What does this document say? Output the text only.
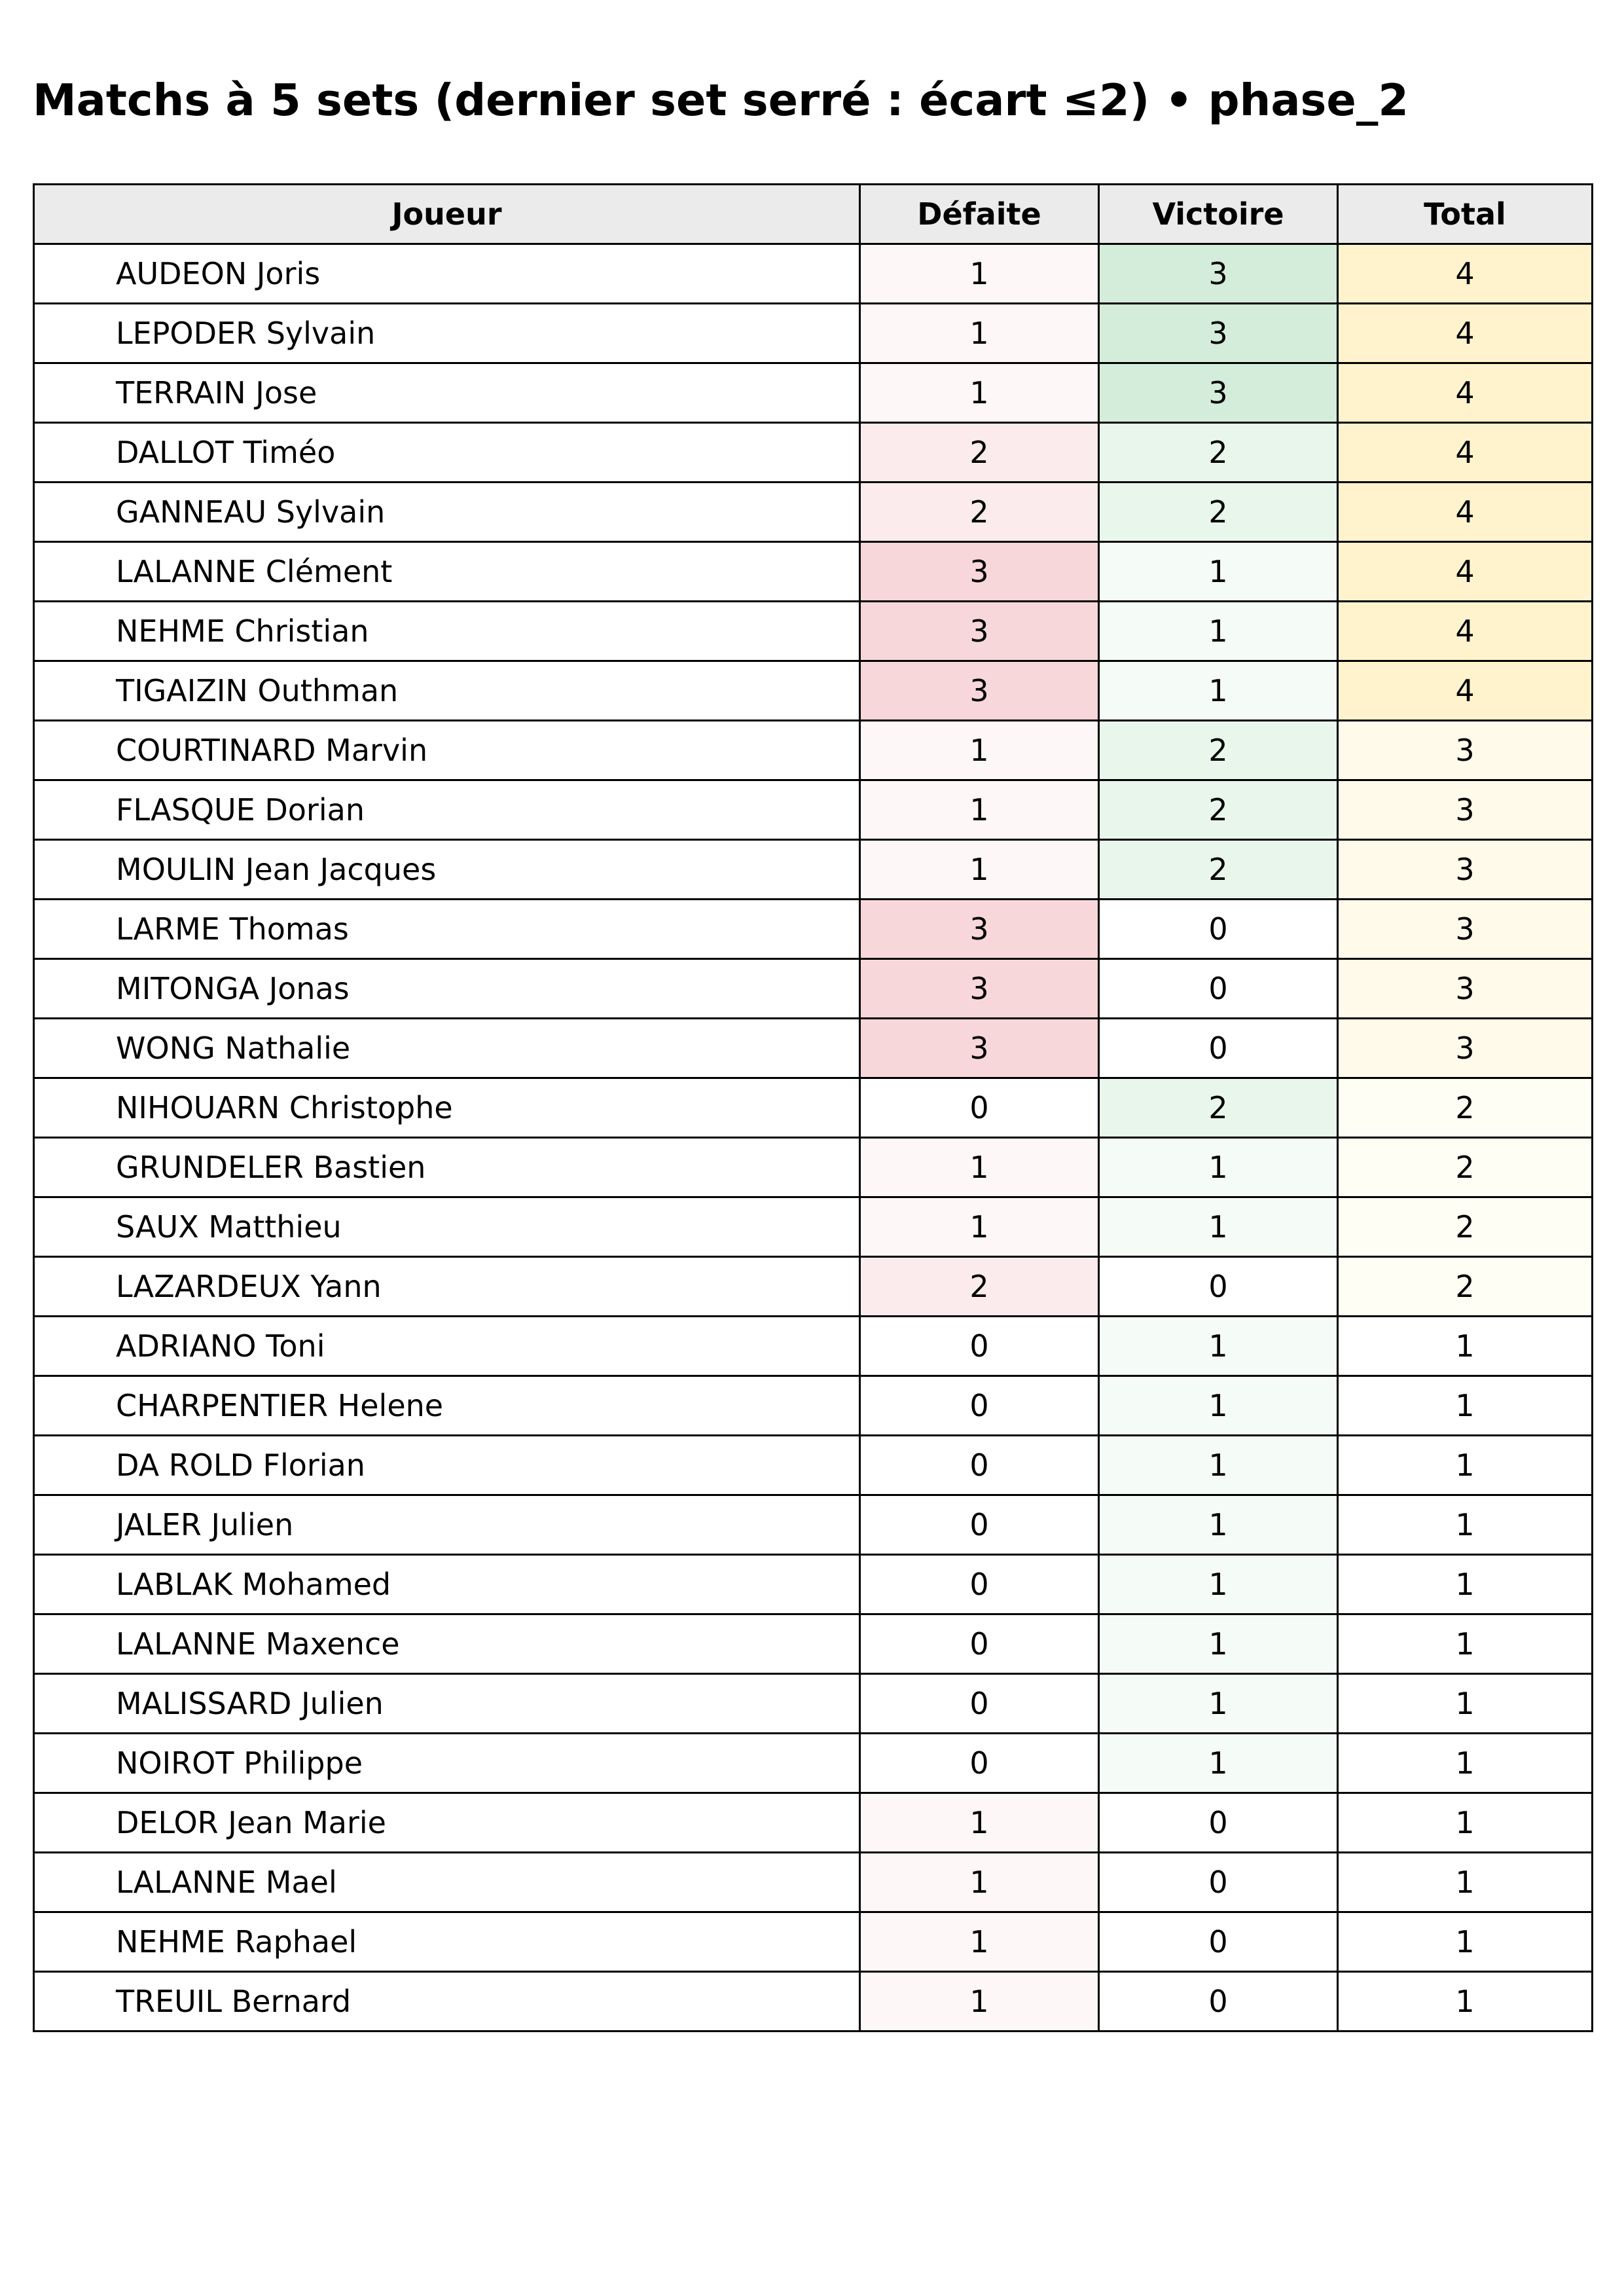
Matchs à 5 sets (dernier set serré : écart ≤2) • phase_2
Joueur	Défaite	Victoire	Total
AUDEON Joris	1	3	4
LEPODER Sylvain	1	3	4
TERRAIN Jose	1	3	4
DALLOT Timéo	2	2	4
GANNEAU Sylvain	2	2	4
LALANNE Clément	3	1	4
NEHME Christian	3	1	4
TIGAIZIN Outhman	3	1	4
COURTINARD Marvin	1	2	3
FLASQUE Dorian	1	2	3
MOULIN Jean Jacques	1	2	3
LARME Thomas	3	0	3
MITONGA Jonas	3	0	3
WONG Nathalie	3	0	3
NIHOUARN Christophe	0	2	2
GRUNDELER Bastien	1	1	2
SAUX Matthieu	1	1	2
LAZARDEUX Yann	2	0	2
ADRIANO Toni	0	1	1
CHARPENTIER Helene	0	1	1
DA ROLD Florian	0	1	1
JALER Julien	0	1	1
LABLAK Mohamed	0	1	1
LALANNE Maxence	0	1	1
MALISSARD Julien	0	1	1
NOIROT Philippe	0	1	1
DELOR Jean Marie	1	0	1
LALANNE Mael	1	0	1
NEHME Raphael	1	0	1
TREUIL Bernard	1	0	1
